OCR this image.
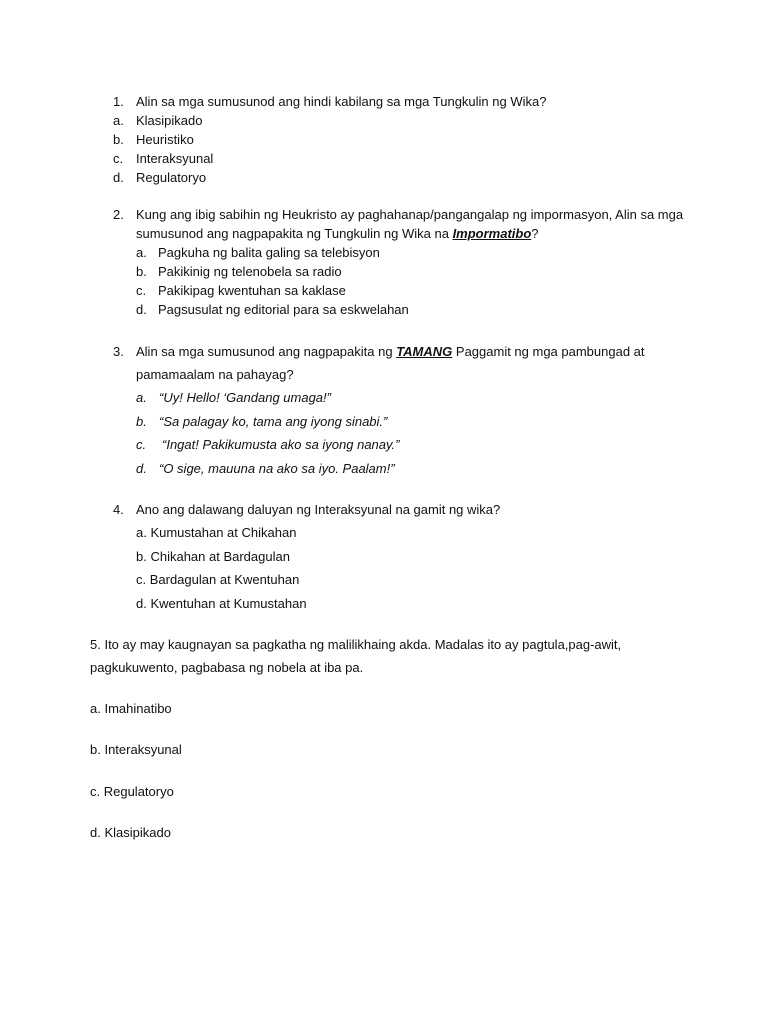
1. Alin sa mga sumusunod ang hindi kabilang sa mga Tungkulin ng Wika?
a. Klasipikado
b. Heuristiko
c. Interaksyunal
d. Regulatoryo
2. Kung ang ibig sabihin ng Heukristo ay paghahanap/pangangalap ng impormasyon, Alin sa mga
sumusunod ang nagpapakita ng Tungkulin ng Wika na Impormatibo?
a. Pagkuha ng balita galing sa telebisyon
b. Pakikinig ng telenobela sa radio
c. Pakikipag kwentuhan sa kaklase
d. Pagsusulat ng editorial para sa eskwelahan
3. Alin sa mga sumusunod ang nagpapakita ng TAMANG Paggamit ng mga pambungad at
pamamaalam na pahayag?
a. “Uy! Hello! ‘Gandang umaga!”
b. “Sa palagay ko, tama ang iyong sinabi.”
c. “Ingat! Pakikumusta ako sa iyong nanay.”
d. “O sige, mauuna na ako sa iyo. Paalam!”
4. Ano ang dalawang daluyan ng Interaksyunal na gamit ng wika?
a. Kumustahan at Chikahan
b. Chikahan at Bardagulan
c. Bardagulan at Kwentuhan
d. Kwentuhan at Kumustahan
5. Ito ay may kaugnayan sa pagkatha ng malilikhaing akda. Madalas ito ay pagtula,pag-awit,
pagkukuwento, pagbabasa ng nobela at iba pa.
a. Imahinatibo
b. Interaksyunal
c. Regulatoryo
d. Klasipikado
